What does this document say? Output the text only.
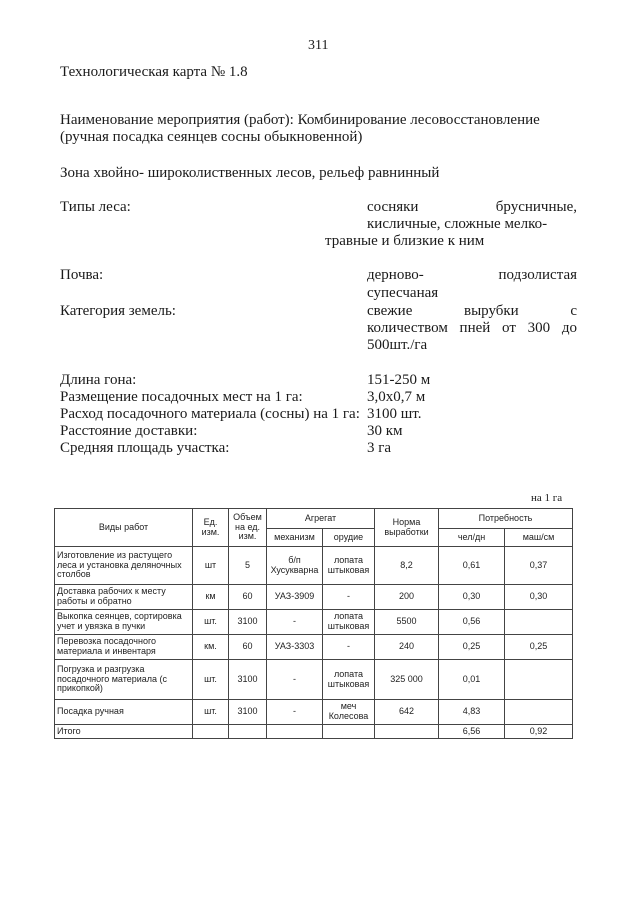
311
Технологическая карта № 1.8
Наименование мероприятия (работ): Комбинирование лесовосстановление
(ручная посадка сеянцев сосны обыкновенной)
Зона хвойно- широколиственных лесов, рельеф равнинный
Типы леса:	сосняки	брусничные,
кисличные, сложные мелко-
травные и близкие к ним
Почва:	дерново-	подзолистая
супесчаная
Категория земель:	свежие	вырубки	с
количеством пней от 300 до
500шт./га
Длина гона:	151-250 м
Размещение посадочных мест на 1 га:	3,0х0,7 м
Расход посадочного материала (сосны) на 1 га: 3100 шт.
Расстояние доставки:	30 км
Средняя площадь участка:	3 га
на 1 га
Виды работ	Ед. изм.	Объем на ед. изм.	Агрегат		Норма выработки	Потребность	
			механизм	орудие		чел/дн	маш/см
Изготовление из растущего леса и установка деляночных столбов	шт	5	б/п Хусукварна	лопата штыковая	8,2	0,61	0,37
Доставка рабочих к месту работы и обратно	км	60	УАЗ-3909	-	200	0,30	0,30
Выкопка сеянцев, сортировка учет и увязка в пучки	шт.	3100	-	лопата штыковая	5500	0,56	
Перевозка посадочного материала и инвентаря	км.	60	УАЗ-3303	-	240	0,25	0,25
Погрузка и разгрузка посадочного материала (с прикопкой)	шт.	3100	-	лопата штыковая	325 000	0,01	
Посадка ручная	шт.	3100	-	меч Колесова	642	4,83	
Итого						6,56	0,92
